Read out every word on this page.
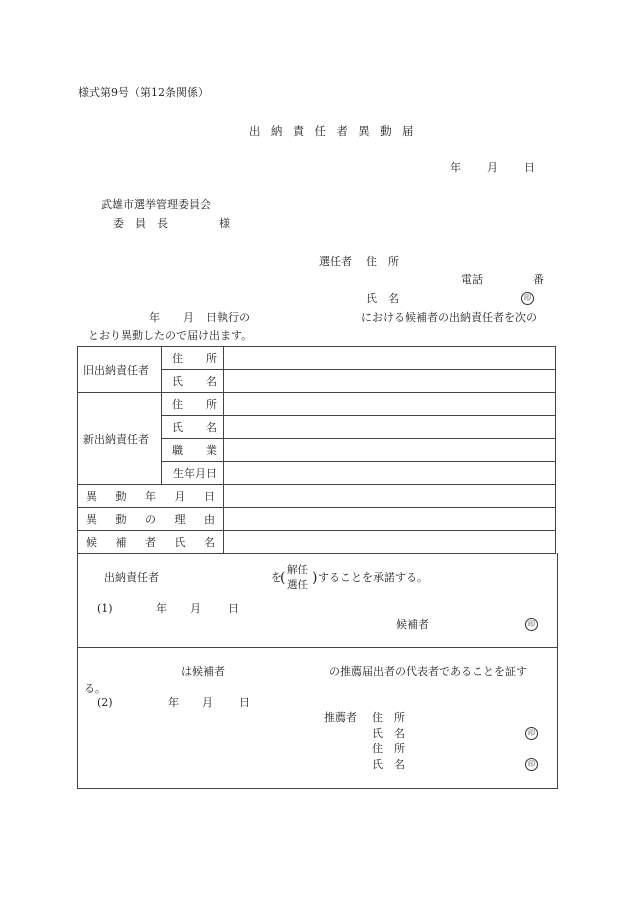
様式第9号（第12条関係）
出納責任者異動届
年 月 日
武雄市選挙管理委員会
委　員　長	様
選任者 住　所
電話	番
氏　名	印
年 月 日執行の	における候補者の出納責任者を次の
とおり異動したので届け出ます。
旧出納責任者	住 所	

	氏 名	

新出納責任者	住 所	

	氏 名	

	職 業	

	生年月日	

異 動 年 月 日		

異 動 の 理 由		

候 補 者 氏 名		

出納責任者	を
( 解任
選任 ) することを承諾する。
(1)	年 月 日
候補者	印
は候補者	の推薦届出者の代表者であることを証す
る。
(2)	年 月 日
推薦者 住　所
氏　名	印
住　所
氏　名	印
